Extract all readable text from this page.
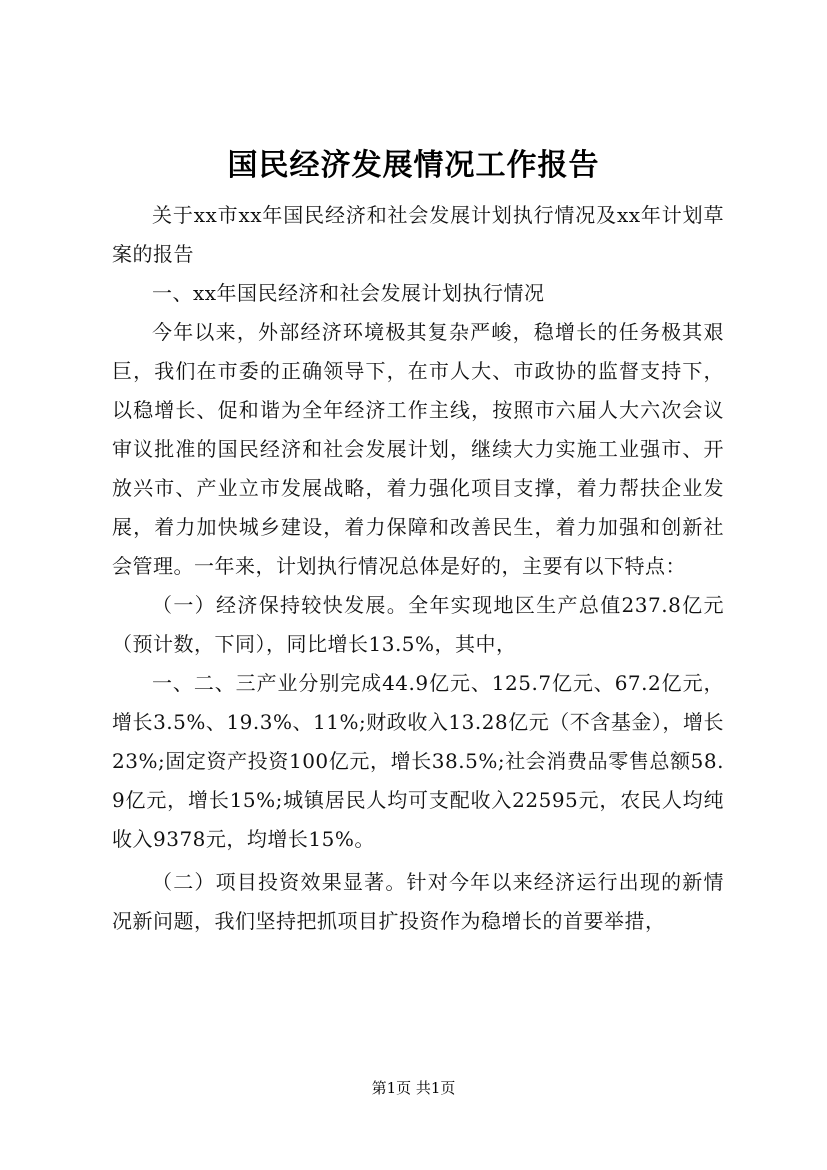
国民经济发展情况工作报告

关于xx市xx年国民经济和社会发展计划执行情况及xx年计划草案的报告

一、xx年国民经济和社会发展计划执行情况

今年以来，外部经济环境极其复杂严峻，稳增长的任务极其艰巨，我们在市委的正确领导下，在市人大、市政协的监督支持下，以稳增长、促和谐为全年经济工作主线，按照市六届人大六次会议审议批准的国民经济和社会发展计划，继续大力实施工业强市、开放兴市、产业立市发展战略，着力强化项目支撑，着力帮扶企业发展，着力加快城乡建设，着力保障和改善民生，着力加强和创新社会管理。一年来，计划执行情况总体是好的，主要有以下特点：

（一）经济保持较快发展。全年实现地区生产总值237.8亿元（预计数，下同），同比增长13.5%，其中，

一、二、三产业分别完成44.9亿元、125.7亿元、67.2亿元，增长3.5%、19.3%、11%;财政收入13.28亿元（不含基金），增长23%;固定资产投资100亿元，增长38.5%;社会消费品零售总额58.9亿元，增长15%;城镇居民人均可支配收入22595元，农民人均纯收入9378元，均增长15%。

（二）项目投资效果显著。针对今年以来经济运行出现的新情况新问题，我们坚持把抓项目扩投资作为稳增长的首要举措，

第1页 共1页
